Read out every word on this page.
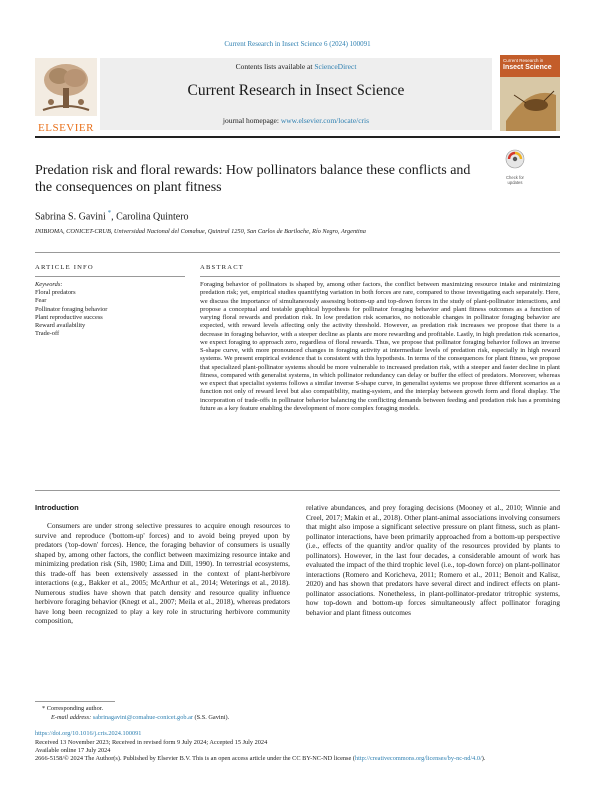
Current Research in Insect Science 6 (2024) 100091
Contents lists available at ScienceDirect
Current Research in Insect Science
journal homepage: www.elsevier.com/locate/cris
ELSEVIER
Current Research in
Insect Science
Predation risk and floral rewards: How pollinators balance these conflicts and the consequences on plant fitness
Check for updates
Sabrina S. Gavini *, Carolina Quintero
INIBIOMA, CONICET-CRUB, Universidad Nacional del Comahue, Quintral 1250, San Carlos de Bariloche, Río Negro, Argentina
ARTICLE INFO	ABSTRACT
Keywords:
Floral predators
Fear
Pollinator foraging behavior
Plant reproductive success
Reward availability
Trade-off
Foraging behavior of pollinators is shaped by, among other factors, the conflict between maximizing resource intake and minimizing predation risk; yet, empirical studies quantifying variation in both forces are rare, compared to those investigating each separately. Here, we discuss the importance of simultaneously assessing bottom-up and top-down forces in the study of plant-pollinator interactions, and propose a conceptual and testable graphical hypothesis for pollinator foraging behavior and plant fitness outcomes as a function of varying floral rewards and predation risk. In low predation risk scenarios, no noticeable changes in pollinator foraging behavior are expected, with reward levels affecting only the activity threshold. However, as predation risk increases we propose that there is a decrease in foraging behavior, with a steeper decline as plants are more rewarding and profitable. Lastly, in high predation risk scenarios, we expect foraging to approach zero, regardless of floral rewards. Thus, we propose that pollinator foraging behavior follows an inverse S-shape curve, with more pronounced changes in foraging activity at intermediate levels of predation risk, especially in high reward systems. We present empirical evidence that is consistent with this hypothesis. In terms of the consequences for plant fitness, we propose that specialized plant-pollinator systems should be more vulnerable to increased predation risk, with a steeper and faster decline in plant fitness, compared with generalist systems, in which pollinator redundancy can delay or buffer the effect of predators. Moreover, whereas we expect that specialist systems follows a similar inverse S-shape curve, in generalist systems we propose three different scenarios as a function not only of reward level but also compatibility, mating-system, and the interplay between growth form and floral display. The incorporation of trade-offs in pollinator behavior balancing the conflicting demands between feeding and predation risk has a promising future as a key feature enabling the development of more complex foraging models.
Introduction
Consumers are under strong selective pressures to acquire enough resources to survive and reproduce ('bottom-up' forces) and to avoid being preyed upon by predators ('top-down' forces). Hence, the foraging behavior of consumers is usually shaped by, among other factors, the conflict between maximizing resource intake and minimizing predation risk (Sih, 1980; Lima and Dill, 1990). In terrestrial ecosystems, this trade-off has been extensively assessed in the context of plant-herbivore interactions (e.g., Bakker et al., 2005; McArthur et al., 2014; Weterings et al., 2018). Numerous studies have shown that patch density and resource quality influence herbivore foraging behavior (Knegt et al., 2007; Meila et al., 2018), whereas predators have long been recognized to play a key role in structuring herbivore community composition,
relative abundances, and prey foraging decisions (Mooney et al., 2010; Winnie and Creel, 2017; Makin et al., 2018). Other plant-animal associations involving consumers that might also impose a significant selective pressure on plant fitness, such as plant-pollinator interactions, have been primarily approached from a bottom-up perspective (i.e., effects of the quantity and/or quality of the resources provided by plants to pollinators). However, in the last four decades, a considerable amount of work has evaluated the impact of the third trophic level (i.e., top-down force) on plant-pollinator interactions (Romero and Koricheva, 2011; Romero et al., 2011; Benoit and Kalisz, 2020) and has shown that predators have several direct and indirect effects on plant-pollinator associations. Nonetheless, in plant-pollinator-predator tritrophic systems, how top-down and bottom-up forces simultaneously affect pollinator foraging behavior and plant fitness outcomes
* Corresponding author.
E-mail address: sabrinagavini@comahue-conicet.gob.ar (S.S. Gavini).
https://doi.org/10.1016/j.cris.2024.100091
Received 13 November 2023; Received in revised form 9 July 2024; Accepted 15 July 2024
Available online 17 July 2024
2666-5158/© 2024 The Author(s). Published by Elsevier B.V. This is an open access article under the CC BY-NC-ND license (http://creativecommons.org/licenses/by-nc-nd/4.0/).
